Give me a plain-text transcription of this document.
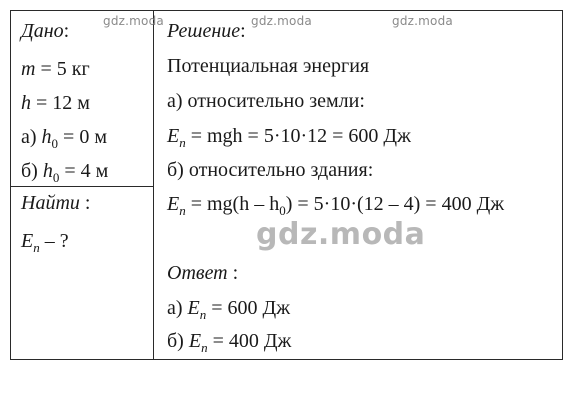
Дано:
m = 5 кг
h = 12 м
а) $h_0 = 0$ м
б) $h_0 = 4$ м
Найти :
$E_п$ – ?
Решение:
Потенциальная энергия
а) относительно земли:
$E_п$ = mgh = 5·10·12 = 600 Дж
б) относительно здания:
$E_п = mg(h - h_0) = 5\cdot 10\cdot(12 - 4) = 400$ Дж
Ответ :
а) $E_п = 600$ Дж
б) $E_п = 400$ Дж
gdz.moda	gdz.moda	gdz.moda
gdz.moda
